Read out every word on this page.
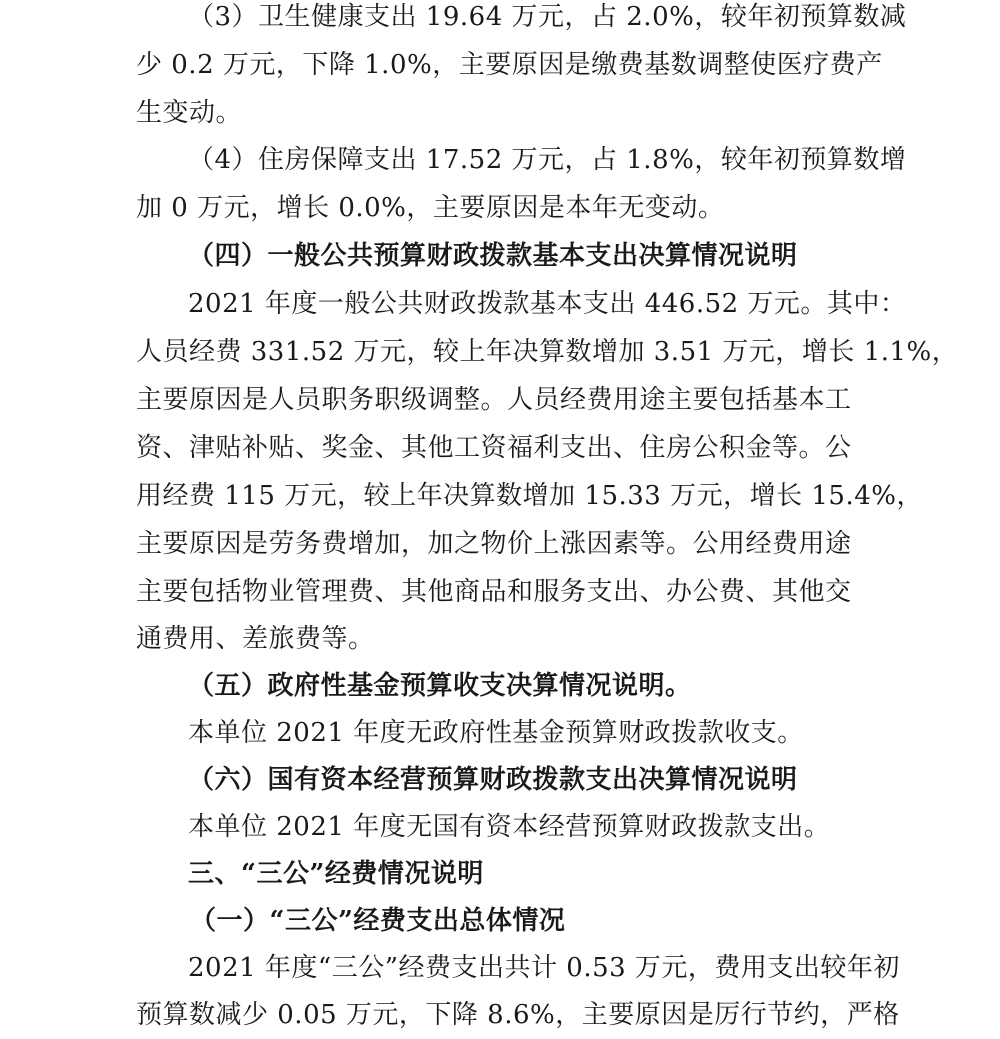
（3）卫生健康支出 19.64 万元，占 2.0%，较年初预算数减
少 0.2 万元，下降 1.0%，主要原因是缴费基数调整使医疗费产
生变动。
（4）住房保障支出 17.52 万元，占 1.8%，较年初预算数增
加 0 万元，增长 0.0%，主要原因是本年无变动。
（四）一般公共预算财政拨款基本支出决算情况说明
2021 年度一般公共财政拨款基本支出 446.52 万元。其中：
人员经费 331.52 万元，较上年决算数增加 3.51 万元，增长 1.1%，
主要原因是人员职务职级调整。人员经费用途主要包括基本工
资、津贴补贴、奖金、其他工资福利支出、住房公积金等。公
用经费 115 万元，较上年决算数增加 15.33 万元，增长 15.4%，
主要原因是劳务费增加，加之物价上涨因素等。公用经费用途
主要包括物业管理费、其他商品和服务支出、办公费、其他交
通费用、差旅费等。
（五）政府性基金预算收支决算情况说明。
本单位 2021 年度无政府性基金预算财政拨款收支。
（六）国有资本经营预算财政拨款支出决算情况说明
本单位 2021 年度无国有资本经营预算财政拨款支出。
三、“三公”经费情况说明
（一）“三公”经费支出总体情况
2021 年度“三公”经费支出共计 0.53 万元，费用支出较年初
预算数减少 0.05 万元，下降 8.6%，主要原因是厉行节约，严格
